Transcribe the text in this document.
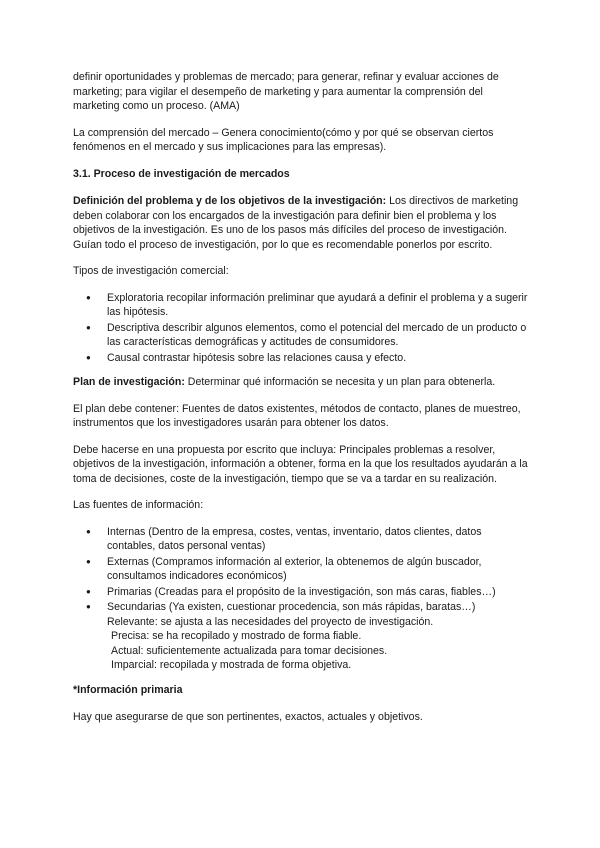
definir oportunidades y problemas de mercado; para generar, refinar y evaluar acciones de marketing; para vigilar el desempeño de marketing y para aumentar la comprensión del marketing como un proceso. (AMA)

La comprensión del mercado – Genera conocimiento(cómo y por qué se observan ciertos fenómenos en el mercado y sus implicaciones para las empresas).

3.1. Proceso de investigación de mercados

Definición del problema y de los objetivos de la investigación: Los directivos de marketing deben colaborar con los encargados de la investigación para definir bien el problema y los objetivos de la investigación. Es uno de los pasos más difíciles del proceso de investigación. Guían todo el proceso de investigación, por lo que es recomendable ponerlos por escrito.

Tipos de investigación comercial:

● Exploratoria recopilar información preliminar que ayudará a definir el problema y a sugerir las hipótesis.
● Descriptiva describir algunos elementos, como el potencial del mercado de un producto o las características demográficas y actitudes de consumidores.
● Causal contrastar hipótesis sobre las relaciones causa y efecto.

Plan de investigación: Determinar qué información se necesita y un plan para obtenerla.

El plan debe contener: Fuentes de datos existentes, métodos de contacto, planes de muestreo, instrumentos que los investigadores usarán para obtener los datos.

Debe hacerse en una propuesta por escrito que incluya: Principales problemas a resolver, objetivos de la investigación, información a obtener, forma en la que los resultados ayudarán a la toma de decisiones, coste de la investigación, tiempo que se va a tardar en su realización.

Las fuentes de información:

● Internas (Dentro de la empresa, costes, ventas, inventario, datos clientes, datos contables, datos personal ventas)
● Externas (Compramos información al exterior, la obtenemos de algún buscador, consultamos indicadores económicos)
● Primarias (Creadas para el propósito de la investigación, son más caras, fiables…)
● Secundarias (Ya existen, cuestionar procedencia, son más rápidas, baratas…)
Relevante: se ajusta a las necesidades del proyecto de investigación.
Precisa: se ha recopilado y mostrado de forma fiable.
Actual: suficientemente actualizada para tomar decisiones.
Imparcial: recopilada y mostrada de forma objetiva.

*Información primaria

Hay que asegurarse de que son pertinentes, exactos, actuales y objetivos.
